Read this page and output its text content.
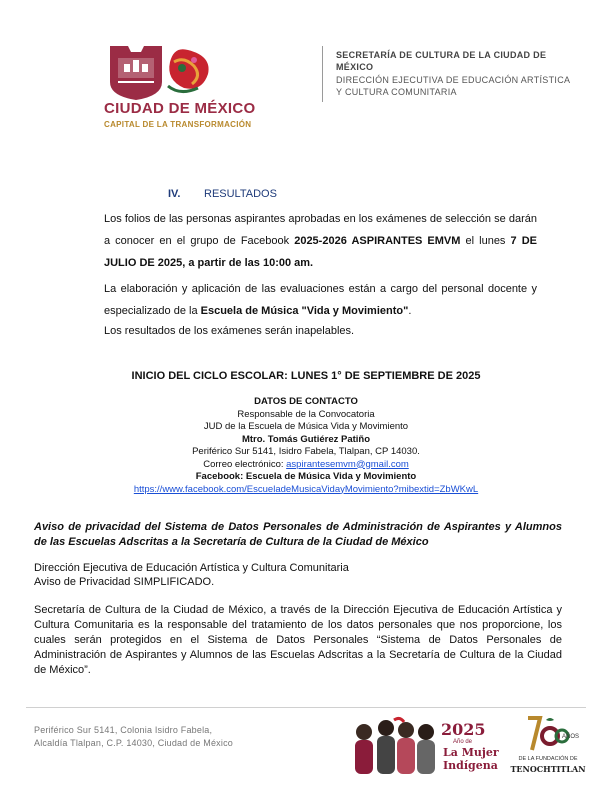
CIUDAD DE MÉXICO
CAPITAL DE LA TRANSFORMACIÓN
SECRETARÍA DE CULTURA DE LA CIUDAD DE MÉXICO
DIRECCIÓN EJECUTIVA DE EDUCACIÓN ARTÍSTICA Y CULTURA COMUNITARIA
IV. RESULTADOS
Los folios de las personas aspirantes aprobadas en los exámenes de selección se darán a conocer en el grupo de Facebook 2025-2026 ASPIRANTES EMVM el lunes 7 DE JULIO DE 2025, a partir de las 10:00 am.
La elaboración y aplicación de las evaluaciones están a cargo del personal docente y especializado de la Escuela de Música "Vida y Movimiento".
Los resultados de los exámenes serán inapelables.
INICIO DEL CICLO ESCOLAR: LUNES 1° DE SEPTIEMBRE DE 2025
DATOS DE CONTACTO
Responsable de la Convocatoria
JUD de la Escuela de Música Vida y Movimiento
Mtro. Tomás Gutiérez Patiño
Periférico Sur 5141, Isidro Fabela, Tlalpan, CP 14030.
Correo electrónico: aspirantesemvm@gmail.com
Facebook: Escuela de Música Vida y Movimiento
https://www.facebook.com/EscueladeMusicaVidayMovimiento?mibextid=ZbWKwL
Aviso de privacidad del Sistema de Datos Personales de Administración de Aspirantes y Alumnos de las Escuelas Adscritas a la Secretaría de Cultura de la Ciudad de México
Dirección Ejecutiva de Educación Artística y Cultura Comunitaria
Aviso de Privacidad SIMPLIFICADO.
Secretaría de Cultura de la Ciudad de México, a través de la Dirección Ejecutiva de Educación Artística y Cultura Comunitaria es la responsable del tratamiento de los datos personales que nos proporcione, los cuales serán protegidos en el Sistema de Datos Personales “Sistema de Datos Personales de Administración de Aspirantes y Alumnos de las Escuelas Adscritas a la Secretaría de Cultura de la Ciudad de México”.
Periférico Sur 5141, Colonia Isidro Fabela,
Alcaldía Tlalpan, C.P. 14030, Ciudad de México
2025
Año de
La Mujer
Indígena
AÑOS
DE LA FUNDACIÓN DE
TENOCHTITLAN
